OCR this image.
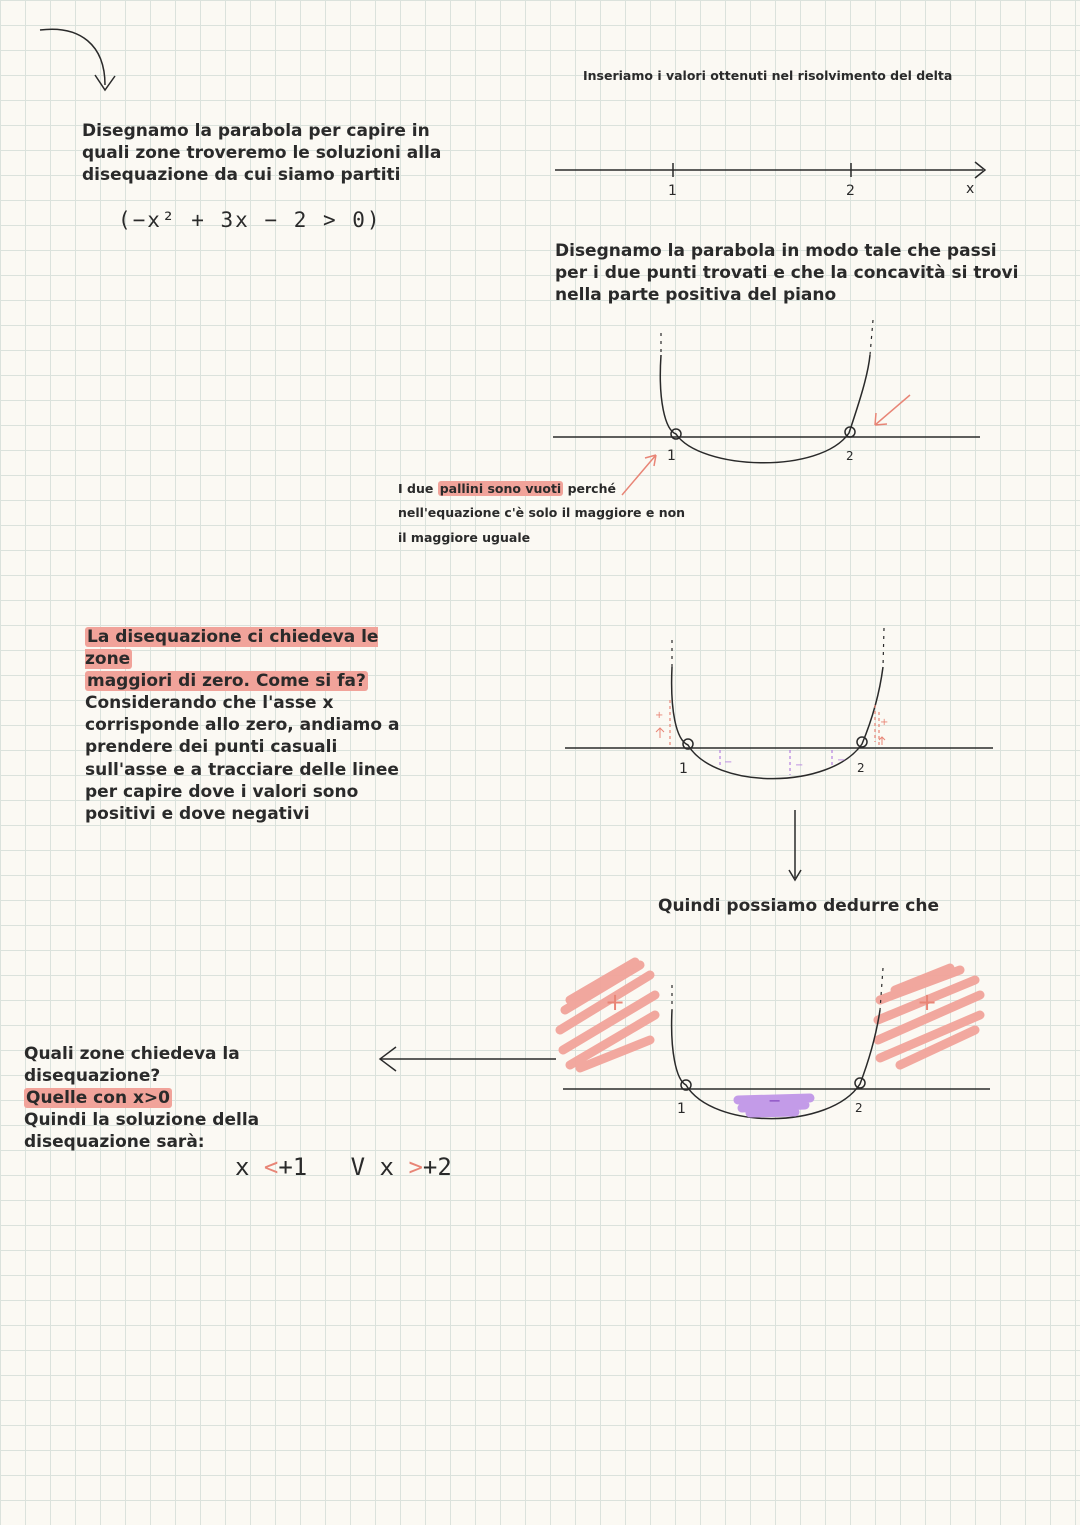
Disegnamo la parabola per capire in quali zone troveremo le soluzioni alla disequazione da cui siamo partiti
(−x² + 3x − 2 > 0)
La disequazione ci chiedeva le zone
maggiori di zero. Come si fa?
Considerando che l'asse x corrisponde allo zero, andiamo a prendere dei punti casuali sull'asse e a tracciare delle linee per capire dove i valori sono positivi e dove negativi
Quali zone chiedeva la disequazione?
Quelle con x>0
Quindi la soluzione della disequazione sarà:
x <+1 V x >+2
Inseriamo i valori ottenuti nel risolvimento del delta
Disegnamo la parabola in modo tale che passi per i due punti trovati e che la concavità si trovi nella parte positiva del piano
I due pallini sono vuoti perché nell'equazione c'è solo il maggiore e non il maggiore uguale
Quindi possiamo dedurre che
1	2	x
1	2
1	2
+
+
−	−	−
+	+
−
1	2
